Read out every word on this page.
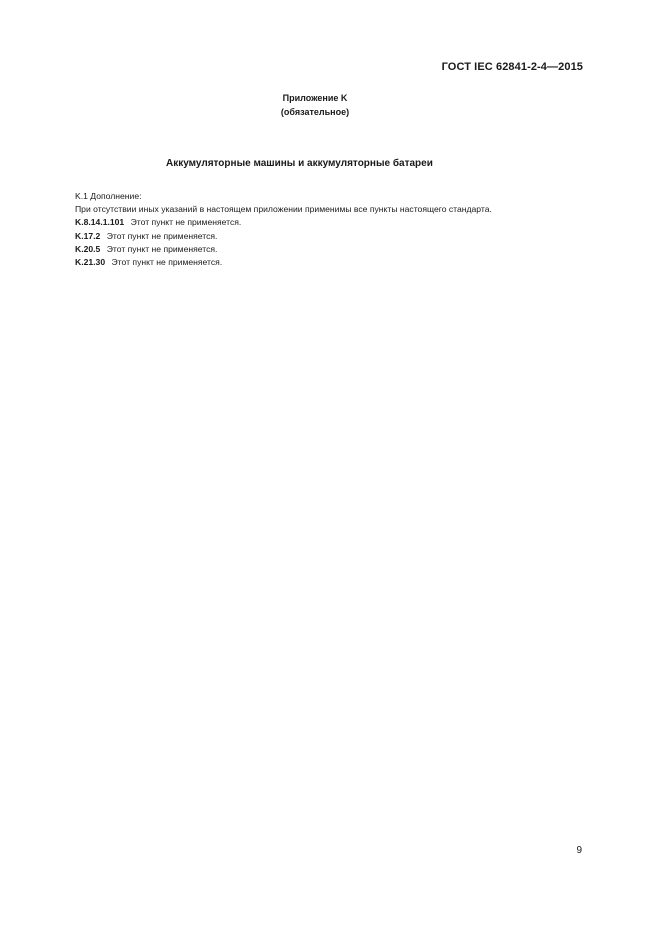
ГОСТ IEC 62841-2-4—2015
Приложение K
(обязательное)
Аккумуляторные машины и аккумуляторные батареи

K.1 Дополнение:

При отсутствии иных указаний в настоящем приложении применимы все пункты настоящего стандарта.

K.8.14.1.101 Этот пункт не применяется.

K.17.2 Этот пункт не применяется.

K.20.5 Этот пункт не применяется.

K.21.30 Этот пункт не применяется.

9
